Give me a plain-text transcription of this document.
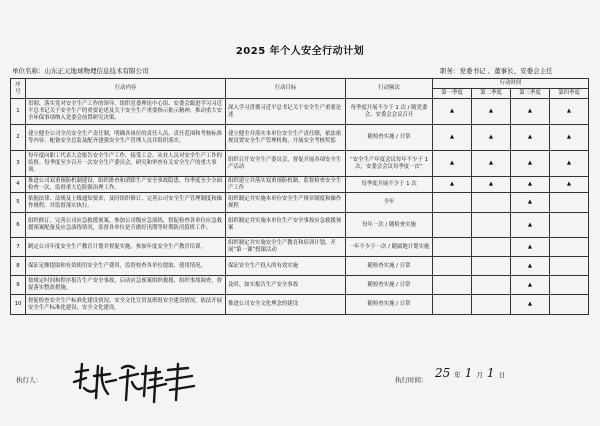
2025 年个人安全行动计划
单位名称：山东正元地球物理信息技术有限公司	职务：党委书记 、董事长、安委会主任
序号	行动内容	行动目标	行动频次	行动时间			
				第一季度	第二季度	第三季度	第四季度
1	贯彻、落实党对安全生产工作的领导，组织党委理论中心组、安委会跟进学习习近平总书记关于安全生产的重要论述及关于安全生产重要指示批示精神，推动重大安全环保事项纳入党委会前置研究决策。	深入学习贯彻习近平总书记关于安全生产重要论述	每季度开展不少于 1 次 / 随党委会、安委会会议召开	▲	▲	▲	▲
2	建立健全公司全员安全生产责任制，明确各岗位的责任人员、责任范围和考核标准等内容。配备安全总监及配齐建强安全生产管理人员并组织落实。	建立健全并落实本单位安全生产责任制，依法依规设置安全生产管理机构，开展安全考核奖惩	随检查实施 / 日常	▲	▲	▲	▲
3	每年度向职工代表大会报告安全生产工作，接受工会、从业人员对安全生产工作的监督。每季度至少召开一次安全生产委员会，研究和审查有关安全生产的重大事项。	组织召开安全生产委员会，督促开展各项安全生产活动	“安全生产年度会议每年不少于 1 次，安委会会议每季度一次”	▲	▲	▲	▲
4	推进公司双重预防机制建设，组织排查和消除生产安全事故隐患，每季度至少全面检查一次，监督重大危险源治理工作。	组织建立并落实双重预防机制，监督检查安全生产工作	每季度开展不少于 1 次	▲	▲	▲	▲
5	依据法律、法规及上级通知要求，及时组织修订、完善公司安全生产管理制度和操作规程，并监督落实执行。	组织制定并实施本单位安全生产规章制度和操作规程	全年			▲	
6	组织修订、完善公司应急救援预案，参加公司级应急演练，督促检查各单位应急救援预案配备及应急演练情况，监督各单位是否做好汛期等时期防汛值班工作。	组织制定并实施本单位生产安全事故应急救援预案	每年一次 / 随检查实施			▲	
7	制定公司年度安全生产教育计划并督促实施，参加年度安全生产教育培训。	组织制定并实施安全生产教育和培训计划，开展“第一课”授课活动	一年不少于一次 / 随属地计划实施			▲	
8	保证足额提取和有效使用安全生产费用，监督检查各单位提取、使用情况。	保证安全生产投入的有效实施	随检查实施 / 日常			▲	
9	按规定时间和程序报告生产安全事故，启动应急预案组织救援，组织事故调查，督促落实整改措施。	及时、如实报告生产安全事故	随检查实施 / 日常			▲	
10	督促检查安全生产标准化建设情况、安全文化宣贯及班组安全建设情况，依法开展安全生产标准化建设、安全文化建设。	推进公司安全文化理念的建设	随检查实施 / 日常			▲	
执行人：	执行时间： 25 年 1 月 1 日
